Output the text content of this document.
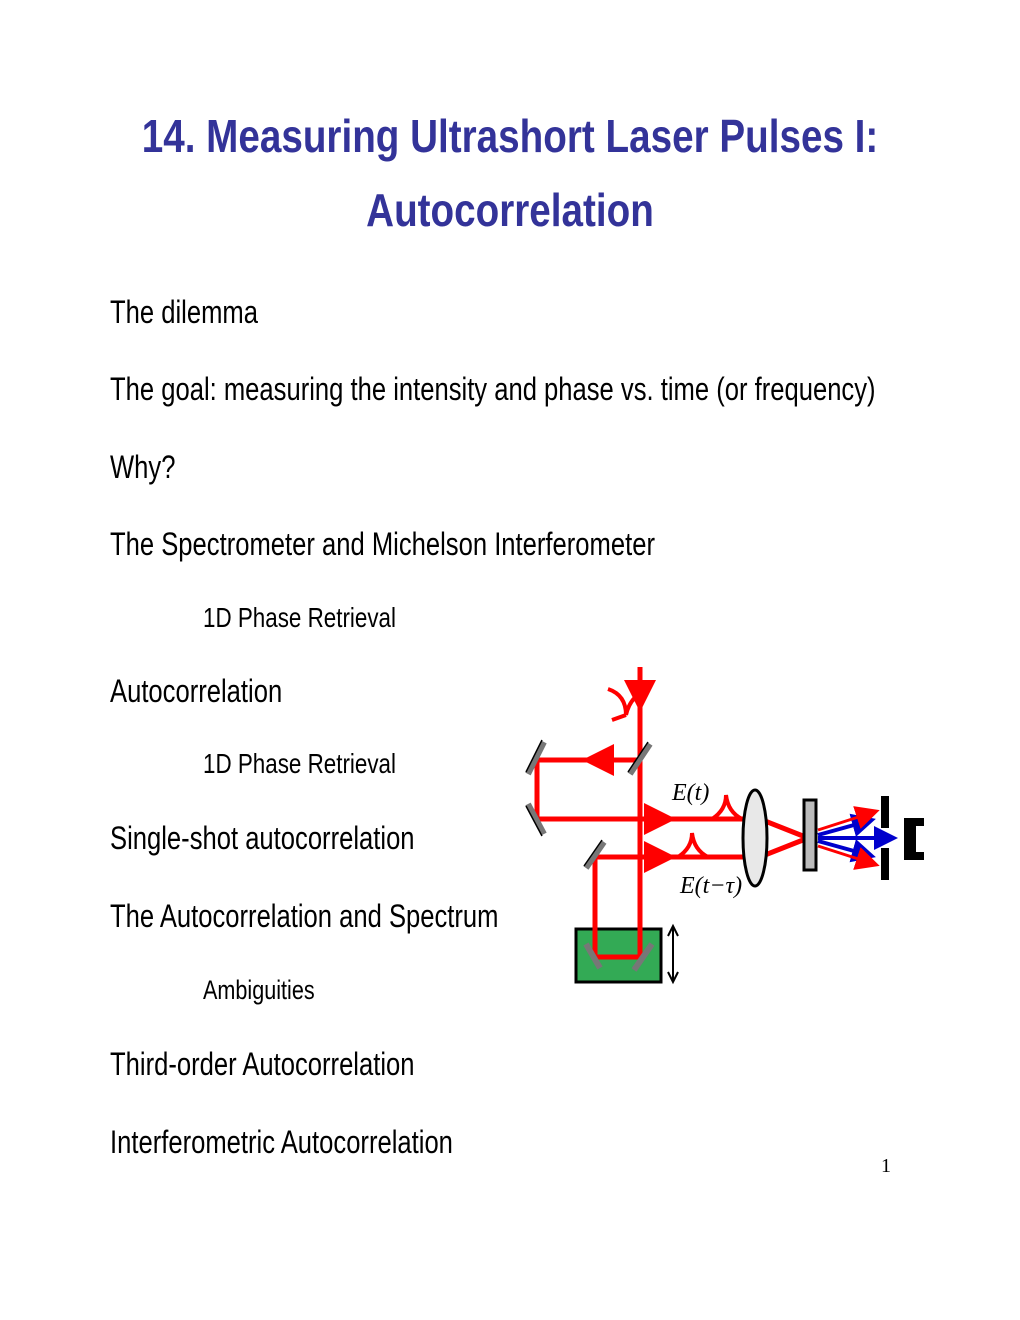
14. Measuring Ultrashort Laser Pulses I:
Autocorrelation
The dilemma
The goal: measuring the intensity and phase vs. time (or frequency)
Why?
The Spectrometer and Michelson Interferometer
1D Phase Retrieval
Autocorrelation
1D Phase Retrieval
Single-shot autocorrelation
The Autocorrelation and Spectrum
Ambiguities
Third-order Autocorrelation
Interferometric Autocorrelation
1
E(t)
E(t−τ)
